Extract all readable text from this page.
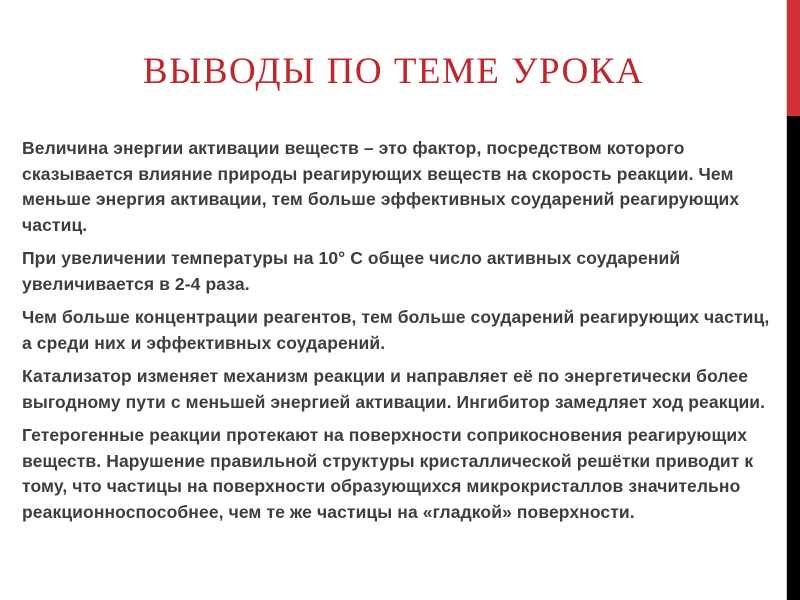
ВЫВОДЫ ПО ТЕМЕ УРОКА

Величина энергии активации веществ – это фактор, посредством которого сказывается влияние природы реагирующих веществ на скорость реакции. Чем меньше энергия активации, тем больше эффективных соударений реагирующих частиц.

При увеличении температуры на 10° С общее число активных соударений увеличивается в 2-4 раза.

Чем больше концентрации реагентов, тем больше соударений реагирующих частиц, а среди них и эффективных соударений.

Катализатор изменяет механизм реакции и направляет её по энергетически более выгодному пути с меньшей энергией активации. Ингибитор замедляет ход реакции.

Гетерогенные реакции протекают на поверхности соприкосновения реагирующих веществ. Нарушение правильной структуры кристаллической решётки приводит к тому, что частицы на поверхности образующихся микрокристаллов значительно реакционноспособнее, чем те же частицы на «гладкой» поверхности.
